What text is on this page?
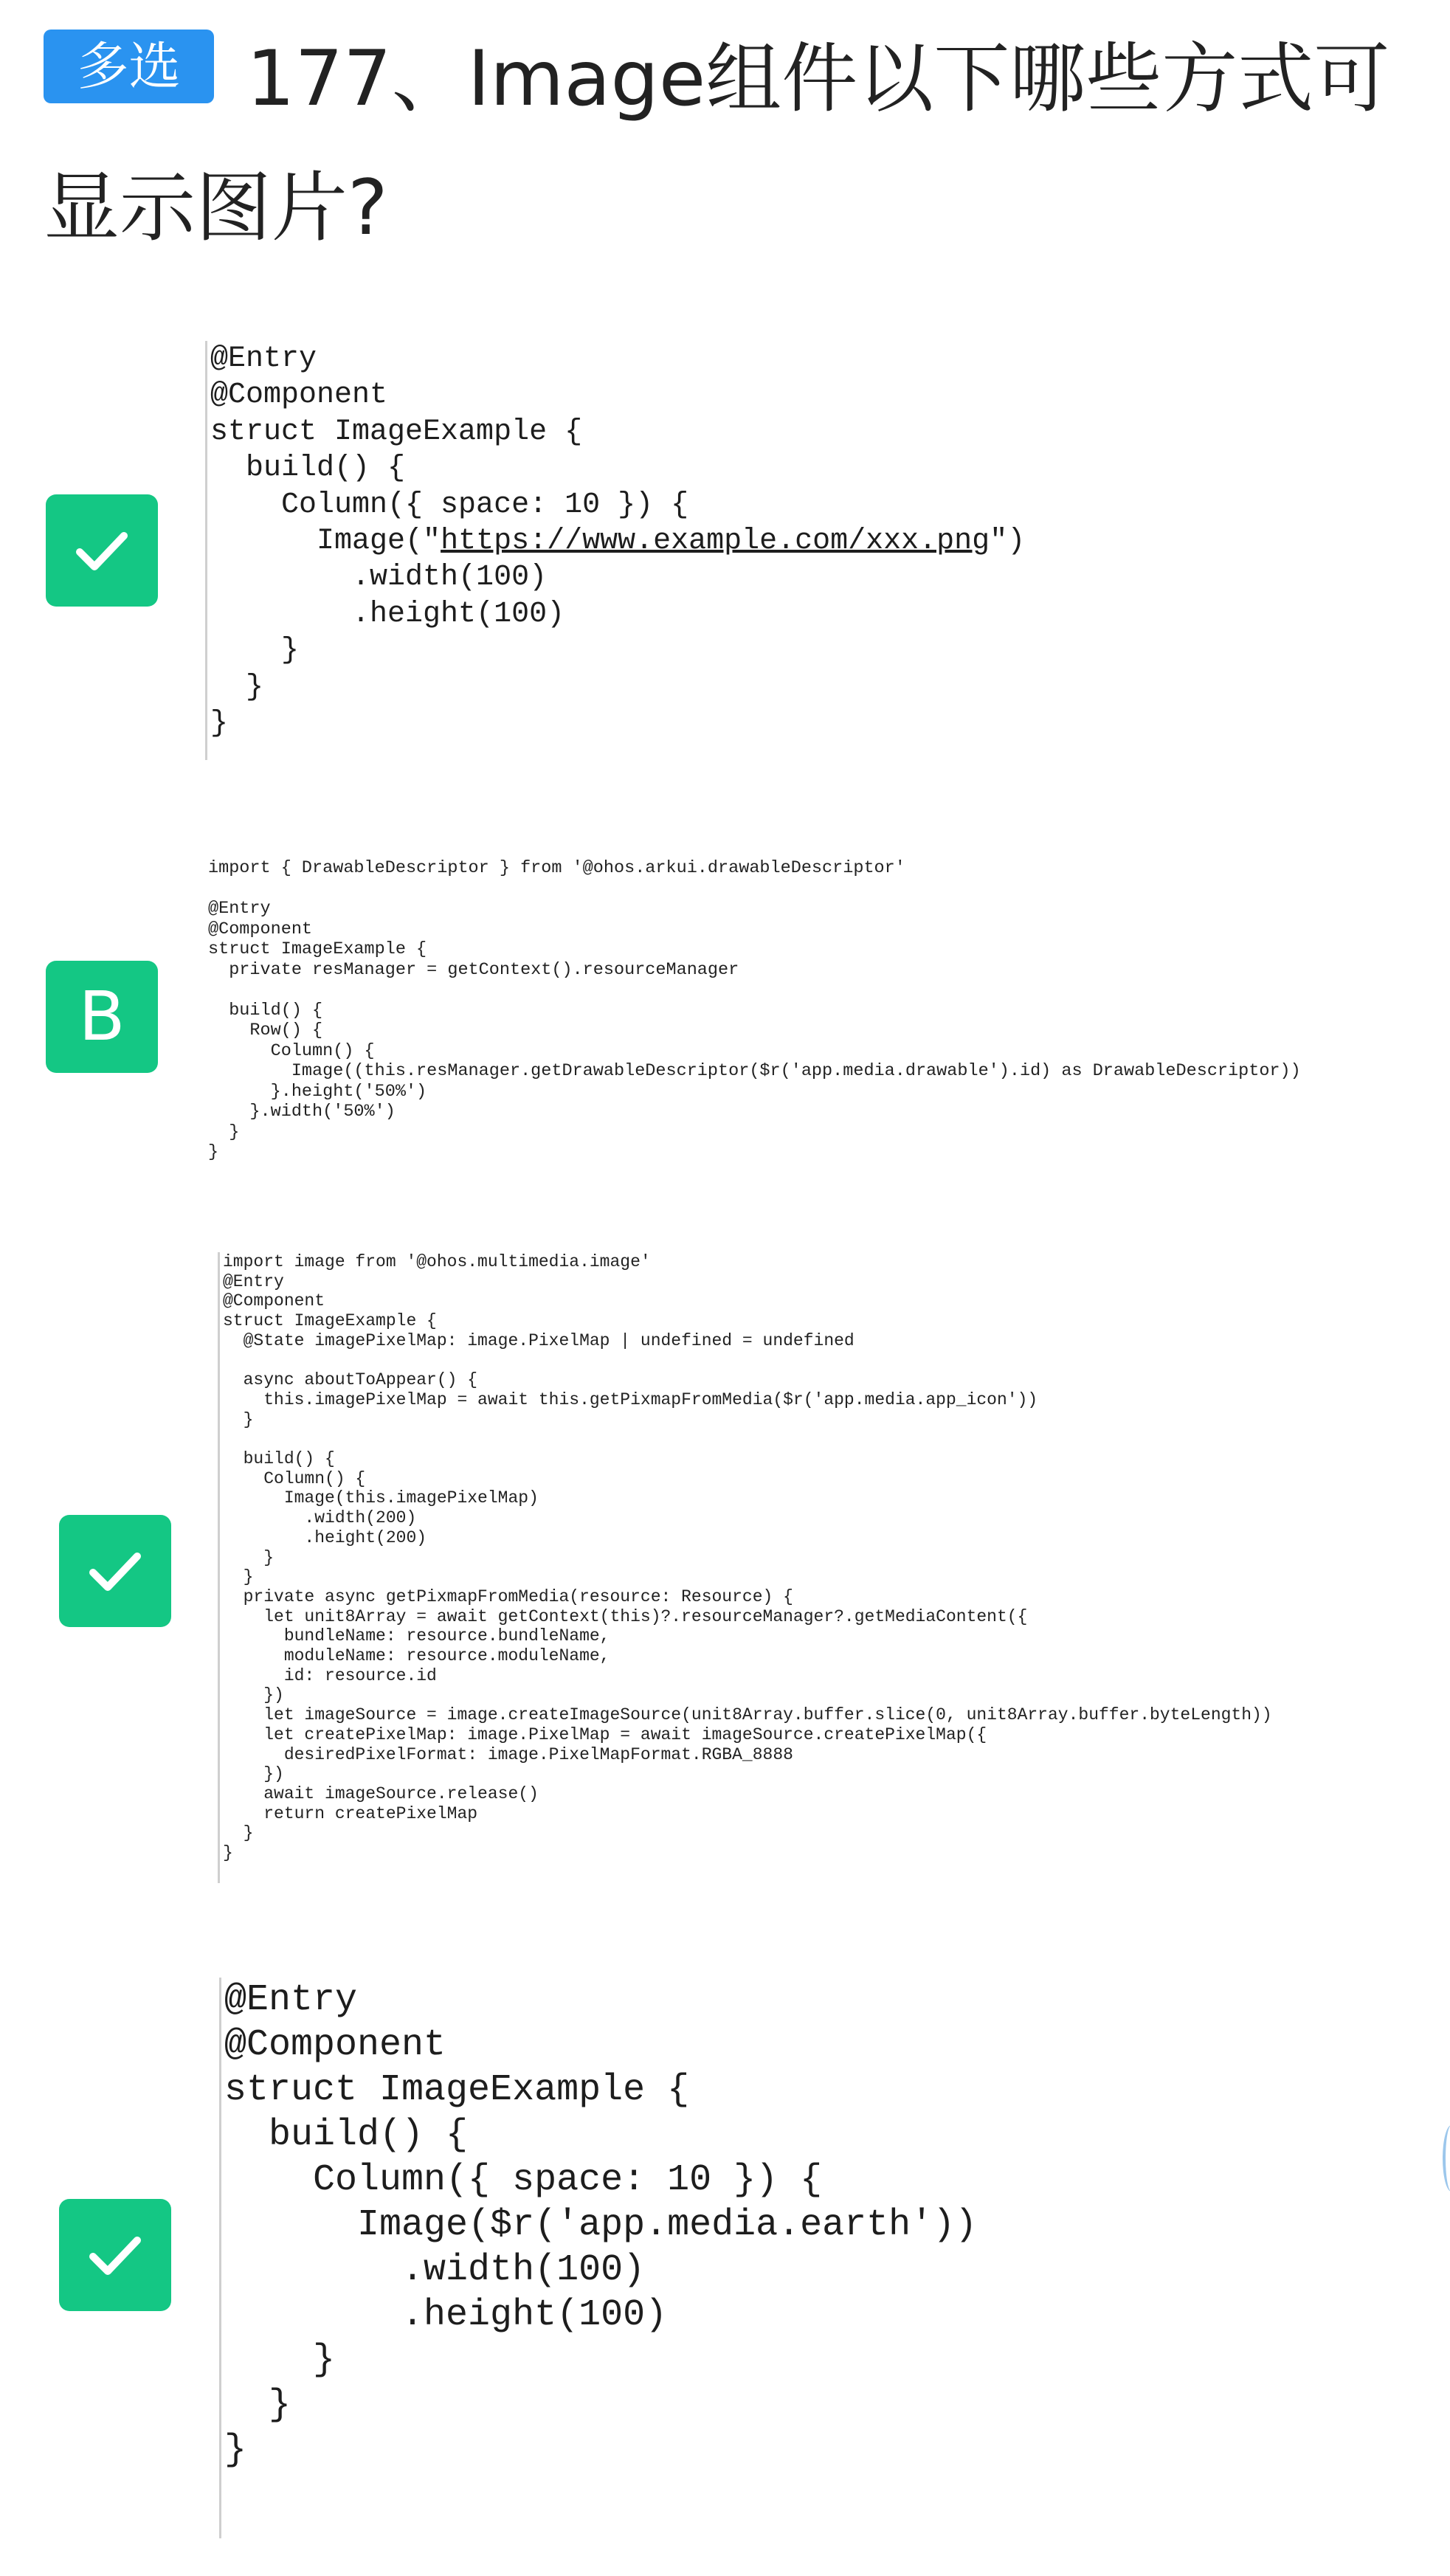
多选 177、Image组件以下哪些方式可显示图片?

@Entry
@Component
struct ImageExample {
build() {
Column({ space: 10 }) {
Image("https://www.example.com/xxx.png")
.width(100)
.height(100)
}
}
}
B
import { DrawableDescriptor } from '@ohos.arkui.drawableDescriptor'

@Entry
@Component
struct ImageExample {
private resManager = getContext().resourceManager

build() {
Row() {
Column() {
Image((this.resManager.getDrawableDescriptor($r('app.media.drawable').id) as DrawableDescriptor))
}.height('50%')
}.width('50%')
}
}
import image from '@ohos.multimedia.image'
@Entry
@Component
struct ImageExample {
@State imagePixelMap: image.PixelMap | undefined = undefined

async aboutToAppear() {
this.imagePixelMap = await this.getPixmapFromMedia($r('app.media.app_icon'))
}

build() {
Column() {
Image(this.imagePixelMap)
.width(200)
.height(200)
}
}
private async getPixmapFromMedia(resource: Resource) {
let unit8Array = await getContext(this)?.resourceManager?.getMediaContent({
bundleName: resource.bundleName,
moduleName: resource.moduleName,
id: resource.id
})
let imageSource = image.createImageSource(unit8Array.buffer.slice(0, unit8Array.buffer.byteLength))
let createPixelMap: image.PixelMap = await imageSource.createPixelMap({
desiredPixelFormat: image.PixelMapFormat.RGBA_8888
})
await imageSource.release()
return createPixelMap
}
}
@Entry
@Component
struct ImageExample {
build() {
Column({ space: 10 }) {
Image($r('app.media.earth'))
.width(100)
.height(100)
}
}
}
